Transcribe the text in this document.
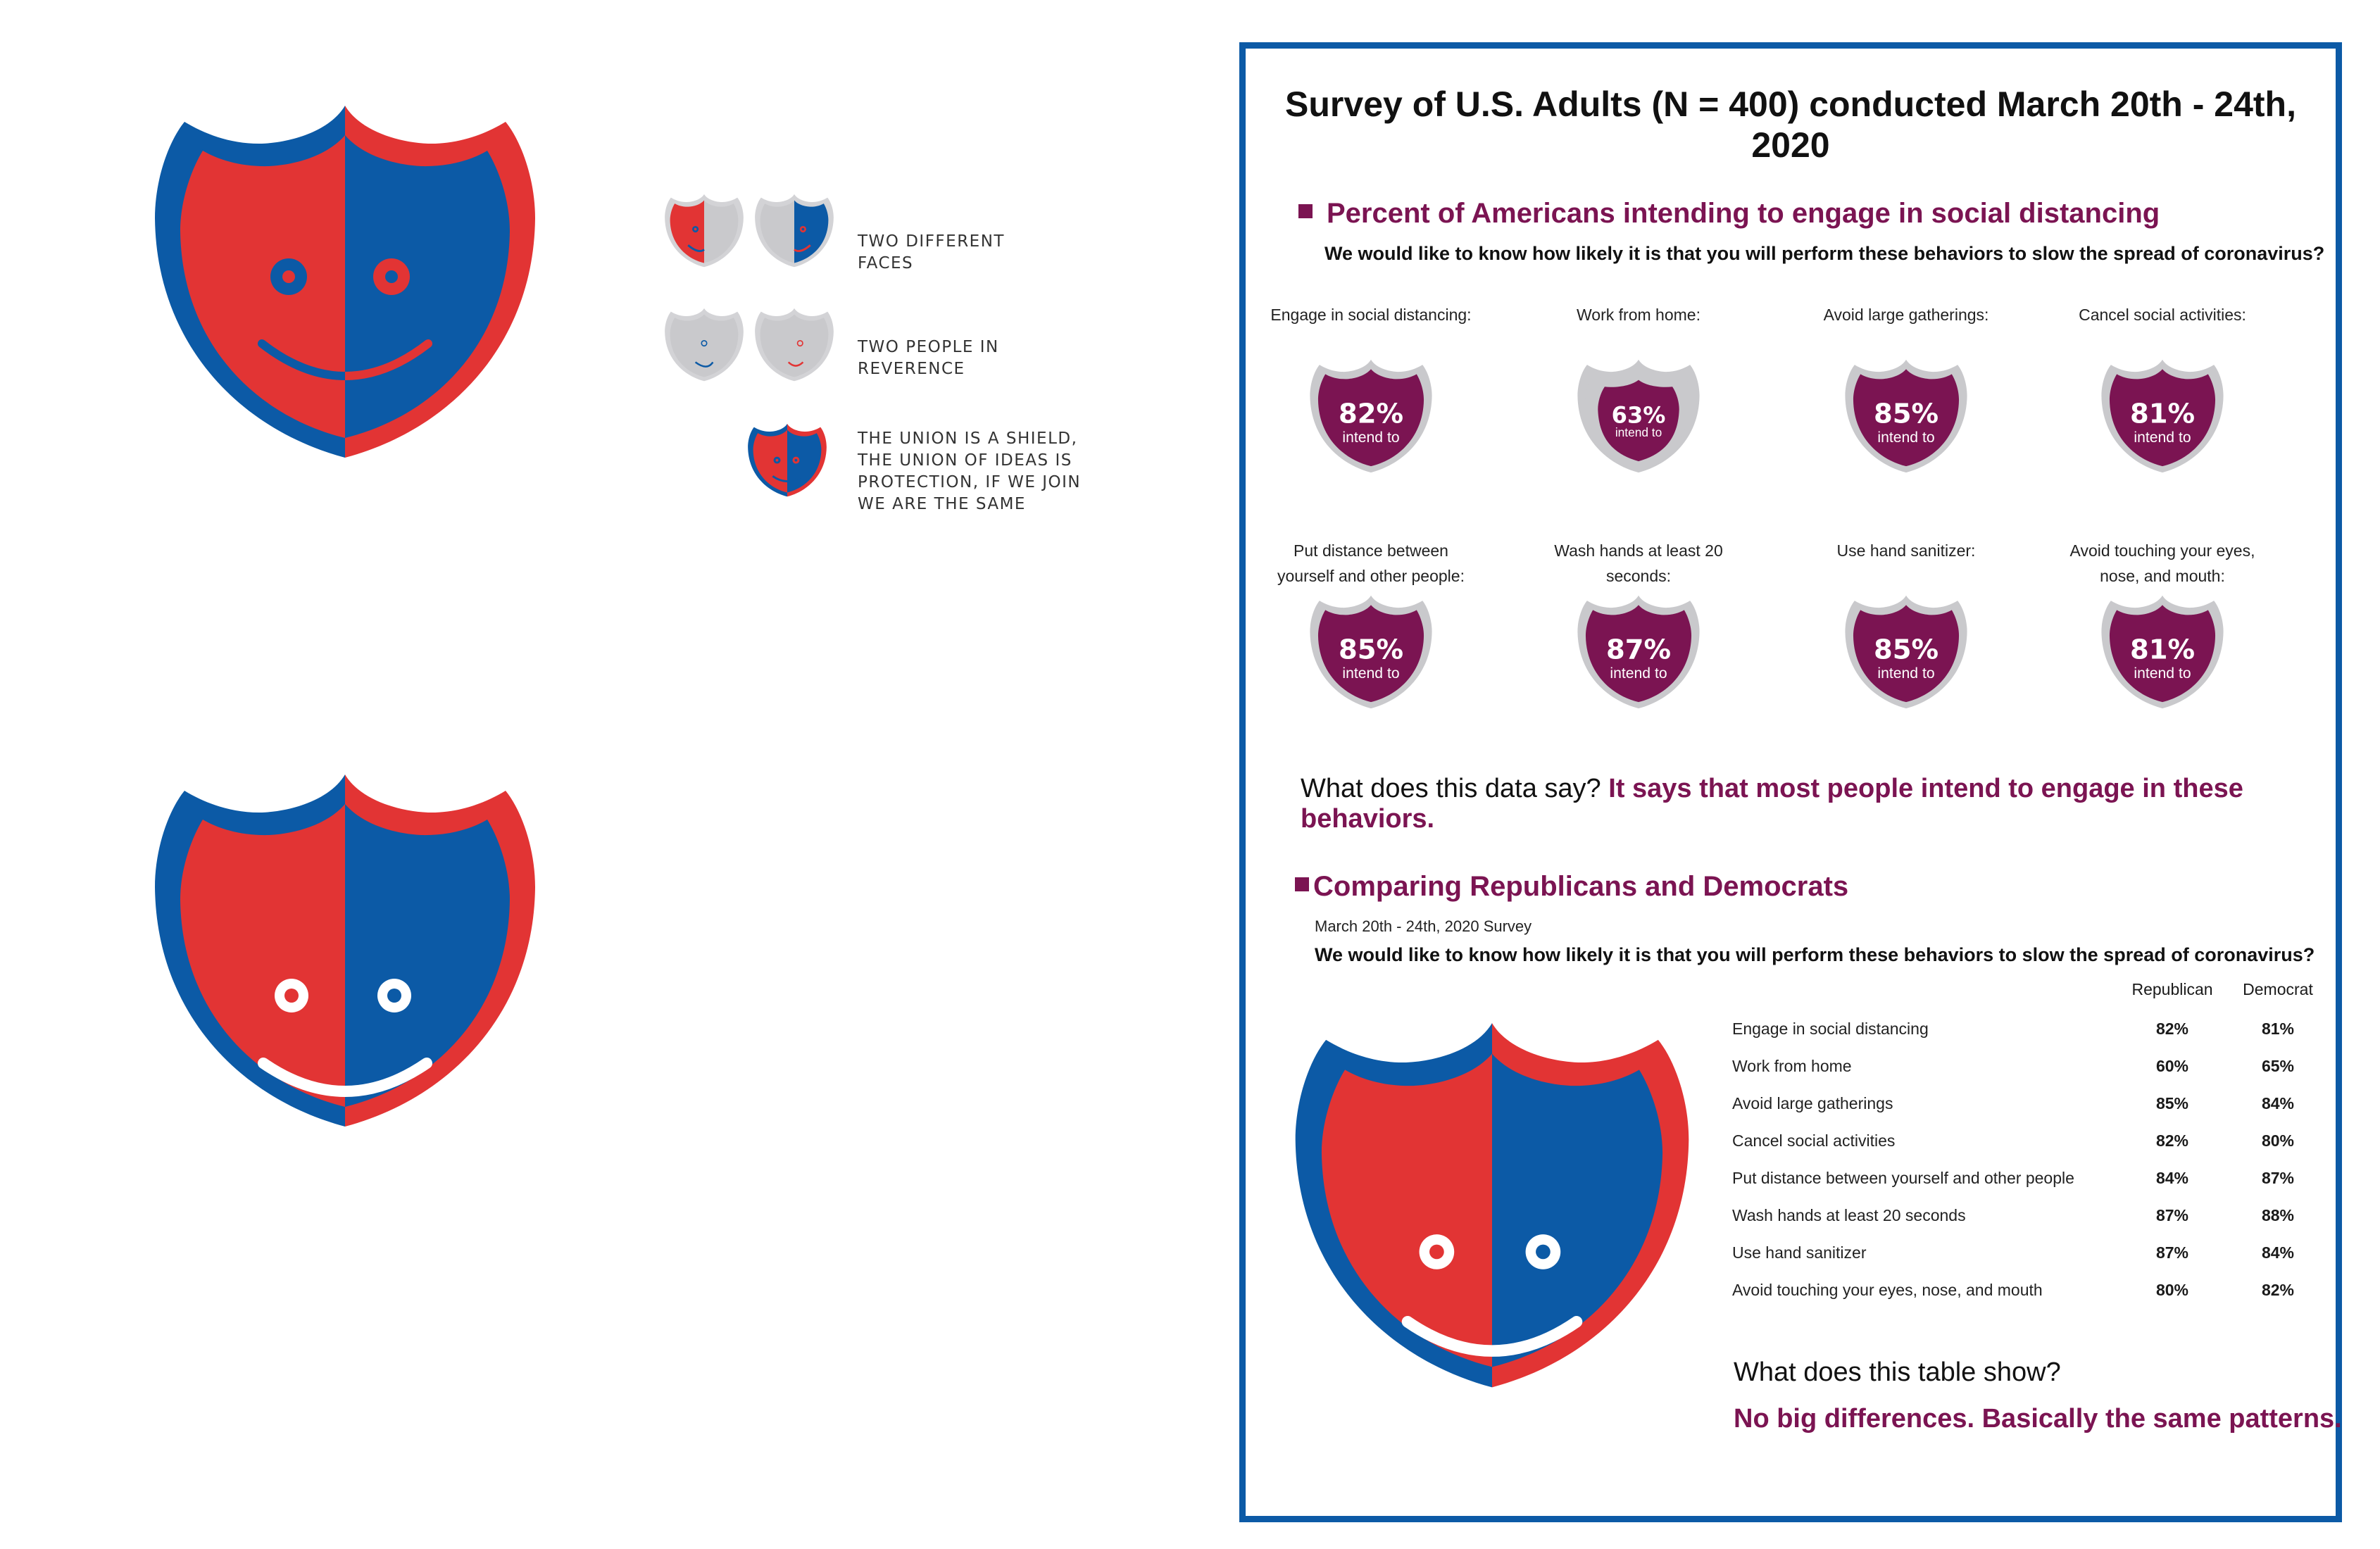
TWO DIFFERENT FACES
TWO PEOPLE IN REVERENCE
THE UNION IS A SHIELD, THE UNION OF IDEAS IS PROTECTION, IF WE JOIN WE ARE THE SAME
Survey of U.S. Adults (N = 400) conducted March 20th - 24th, 2020
Percent of Americans intending to engage in social distancing
We would like to know how likely it is that you will perform these behaviors to slow the spread of coronavirus?
Engage in social distancing:
82%
intend to
Work from home:
63%
intend to
Avoid large gatherings:
85%
intend to
Cancel social activities:
81%
intend to
Put distance between yourself and other people:
85%
intend to
Wash hands at least 20 seconds:
87%
intend to
Use hand sanitizer:
85%
intend to
Avoid touching your eyes, nose, and mouth:
81%
intend to
What does this data say? It says that most people intend to engage in these behaviors.
Comparing Republicans and Democrats
March 20th - 24th, 2020 Survey
We would like to know how likely it is that you will perform these behaviors to slow the spread of coronavirus?
Republican	Democrat
Engage in social distancing	82%	81%
Work from home	60%	65%
Avoid large gatherings	85%	84%
Cancel social activities	82%	80%
Put distance between yourself and other people	84%	87%
Wash hands at least 20 seconds	87%	88%
Use hand sanitizer	87%	84%
Avoid touching your eyes, nose, and mouth	80%	82%
What does this table show?
No big differences. Basically the same patterns.
